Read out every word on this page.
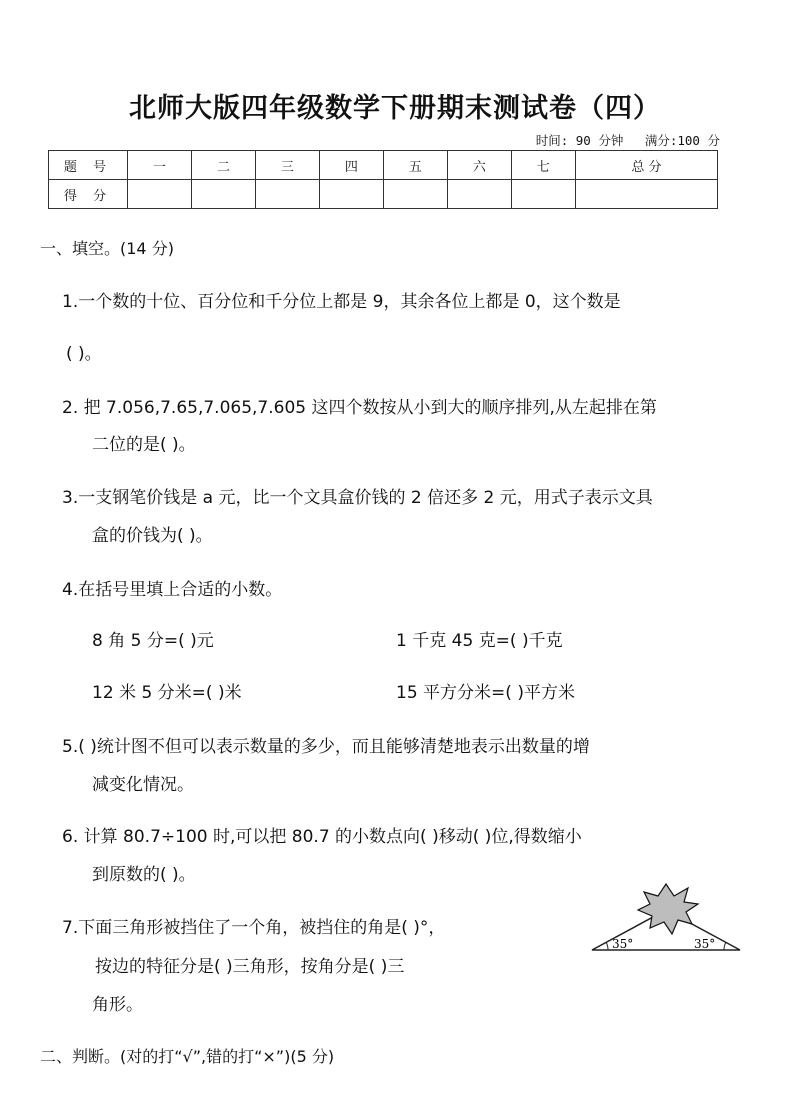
北师大版四年级数学下册期末测试卷（四）
时间: 90 分钟 满分:100 分
题 号	一	二	三	四	五	六	七	总 分
得 分								
一、填空。(14 分)
1.一个数的十位、百分位和千分位上都是 9，其余各位上都是 0，这个数是
( )。
2. 把 7.056,7.65,7.065,7.605 这四个数按从小到大的顺序排列,从左起排在第
二位的是( )。
3.一支钢笔价钱是 a 元，比一个文具盒价钱的 2 倍还多 2 元，用式子表示文具
盒的价钱为( )。
4.在括号里填上合适的小数。
8 角 5 分=( )元	1 千克 45 克=( )千克
12 米 5 分米=( )米	15 平方分米=( )平方米
5.( )统计图不但可以表示数量的多少，而且能够清楚地表示出数量的增
减变化情况。
6. 计算 80.7÷100 时,可以把 80.7 的小数点向( )移动( )位,得数缩小
到原数的( )。
7.下面三角形被挡住了一个角，被挡住的角是( )°，
按边的特征分是( )三角形，按角分是( )三
角形。
35°	35°
二、判断。(对的打“√”,错的打“×”)(5 分)
